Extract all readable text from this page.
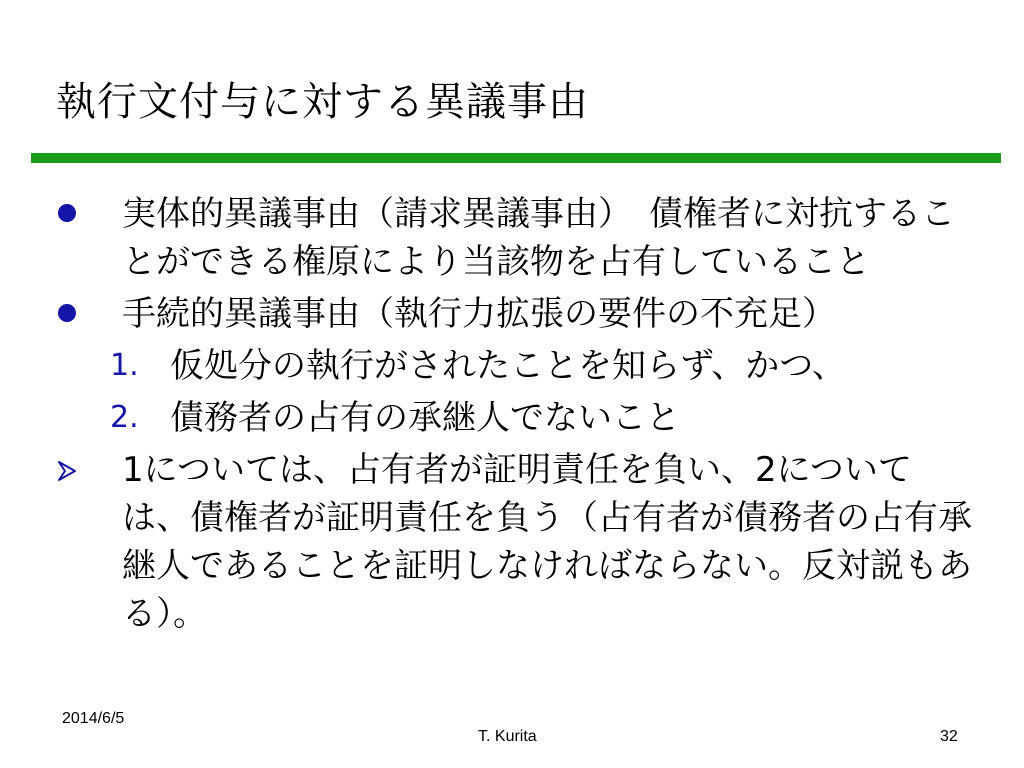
執行文付与に対する異議事由
実体的異議事由（請求異議事由）　債権者に対抗することができる権原により当該物を占有していること
手続的異議事由（執行力拡張の要件の不充足）
1. 仮処分の執行がされたことを知らず、かつ、
2. 債務者の占有の承継人でないこと
1については、占有者が証明責任を負い、2については、債権者が証明責任を負う（占有者が債務者の占有承継人であることを証明しなければならない。反対説もある）。
2014/6/5
T. Kurita	32
